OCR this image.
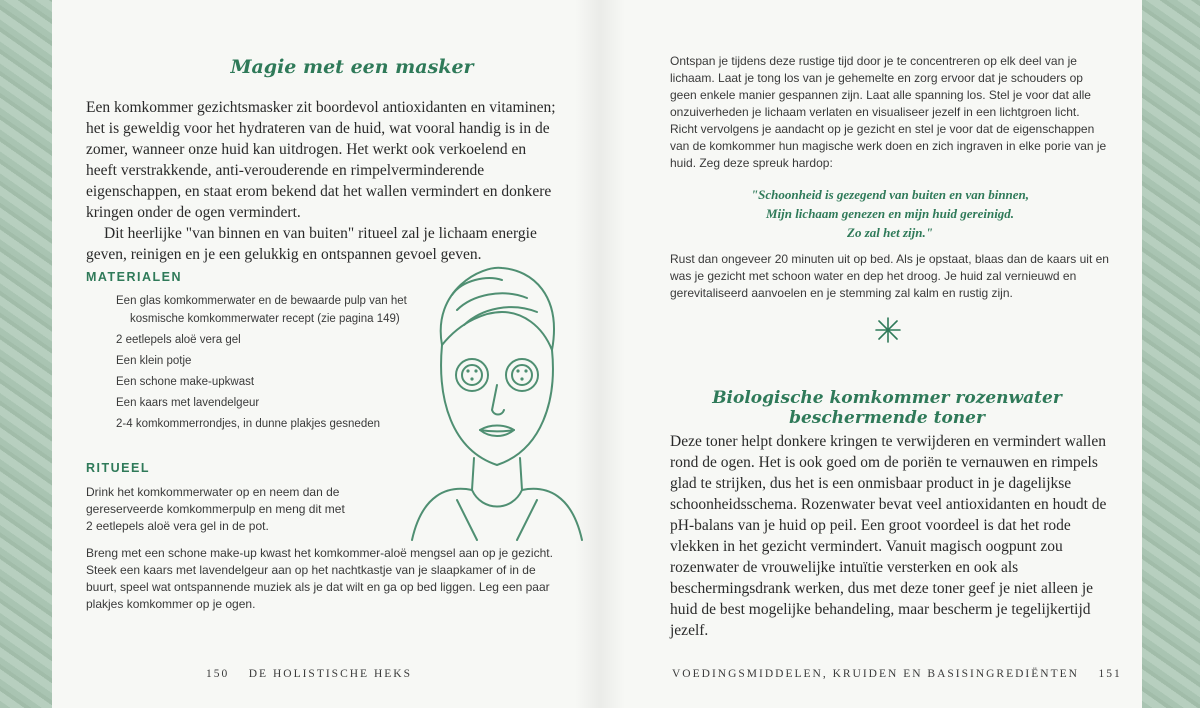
Magie met een masker

Een komkommer gezichtsmasker zit boordevol antioxidanten en vitaminen; het is geweldig voor het hydrateren van de huid, wat vooral handig is in de zomer, wanneer onze huid kan uitdrogen. Het werkt ook verkoelend en heeft verstrakkende, anti-verouderende en rimpelverminderende eigenschappen, en staat erom bekend dat het wallen vermindert en donkere kringen onder de ogen vermindert.

Dit heerlijke "van binnen en van buiten" ritueel zal je lichaam energie geven, reinigen en je een gelukkig en ontspannen gevoel geven.

MATERIALEN
Een glas komkommerwater en de bewaarde pulp van het
kosmische komkommerwater recept (zie pagina 149)
2 eetlepels aloë vera gel
Een klein potje
Een schone make-upkwast
Een kaars met lavendelgeur
2-4 komkommerrondjes, in dunne plakjes gesneden
RITUEEL

Drink het komkommerwater op en neem dan de gereserveerde komkommerpulp en meng dit met 2 eetlepels aloë vera gel in de pot.

Breng met een schone make-up kwast het komkommer-aloë mengsel aan op je gezicht. Steek een kaars met lavendelgeur aan op het nachtkastje van je slaapkamer of in de buurt, speel wat ontspannende muziek als je dat wilt en ga op bed liggen. Leg een paar plakjes komkommer op je ogen.

150 DE HOLISTISCHE HEKS

Ontspan je tijdens deze rustige tijd door je te concentreren op elk deel van je lichaam. Laat je tong los van je gehemelte en zorg ervoor dat je schouders op geen enkele manier gespannen zijn. Laat alle spanning los. Stel je voor dat alle onzuiverheden je lichaam verlaten en visualiseer jezelf in een lichtgroen licht. Richt vervolgens je aandacht op je gezicht en stel je voor dat de eigenschappen van de komkommer hun magische werk doen en zich ingraven in elke porie van je huid. Zeg deze spreuk hardop:

"Schoonheid is gezegend van buiten en van binnen,
Mijn lichaam genezen en mijn huid gereinigd.
Zo zal het zijn."

Rust dan ongeveer 20 minuten uit op bed. Als je opstaat, blaas dan de kaars uit en was je gezicht met schoon water en dep het droog. Je huid zal vernieuwd en gerevitaliseerd aanvoelen en je stemming zal kalm en rustig zijn.

Biologische komkommer rozenwater beschermende toner

Deze toner helpt donkere kringen te verwijderen en vermindert wallen rond de ogen. Het is ook goed om de poriën te vernauwen en rimpels glad te strijken, dus het is een onmisbaar product in je dagelijkse schoonheidsschema. Rozenwater bevat veel antioxidanten en houdt de pH-balans van je huid op peil. Een groot voordeel is dat het rode vlekken in het gezicht vermindert. Vanuit magisch oogpunt zou rozenwater de vrouwelijke intuïtie versterken en ook als beschermingsdrank werken, dus met deze toner geef je niet alleen je huid de best mogelijke behandeling, maar bescherm je tegelijkertijd jezelf.

VOEDINGSMIDDELEN, KRUIDEN EN BASISINGREDIËNTEN 151
